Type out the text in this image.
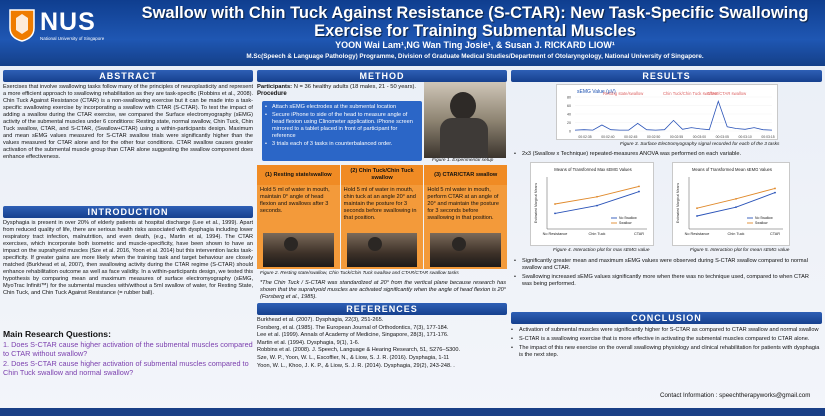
NUS
National University of Singapore
Swallow with Chin Tuck Against Resistance (S-CTAR): New Task-Specific Swallowing
Exercise for Training Submental Muscles
YOON Wai Lam¹,NG Wan Ting Josie¹, & Susan J. RICKARD LIOW¹
M.Sc(Speech & Language Pathology) Programme, Division of Graduate Medical Studies/Department of Otolaryngology, National University of Singapore.
ABSTRACT
Exercises that involve swallowing tasks follow many of the principles of neuroplasticity and represent a more efficient approach to swallowing rehabilitation as they are task-specific (Robbins et al., 2008). Chin Tuck Against Resistance (CTAR) is a non-swallowing exercise but it can be made into a task-specific swallowing exercise by incorporating a swallow with CTAR (S-CTAR). To test the impact of adding a swallow during the CTAR exercise, we compared the Surface electromyography (sEMG) activity of the submental muscles under 6 conditions: Resting state, normal swallow, Chin Tuck, Chin Tuck swallow, CTAR, and S-CTAR, (Swallow+CTAR) using a within-participants design. Maximum and mean sEMG values measured for S-CTAR swallow trials were significantly higher than the values measured for CTAR alone and for the other four conditions. CTAR swallow causes greater activation of the submental muscle group than CTAR alone suggesting the swallow component does enhance effectiveness.
INTRODUCTION
Dysphagia is present in over 20% of elderly patients at hospital discharge (Lee et al., 1999). Apart from reduced quality of life, there are serious health risks associated with dysphagia including lower respiratory tract infection, malnutrition, and even death, (e.g., Martin et al, 1994). The CTAR exercises, which incorporate both isometric and muscle-specificity, have been shown to have an impact on the suprahyoid muscles (Sze et al. 2016, Yoon et al. 2014) but this intervention lacks task-specificity. If greater gains are more likely when the training task and target behaviour are closely matched (Burkhead et al, 2007), then swallowing activity during the CTAR regime (S-CTAR) should enhance rehabilitation outcome as well as face validity. In a within-participants design, we tested this hypothesis by comparing mean and maximum measures of surface electromyography (sEMG, MyoTrac Infiniti™) for the submental muscles with/without a 5ml swallow of water, for Resting State, Chin Tuck, and Chin Tuck Against Resistance (= rubber ball).
Main Research Questions:
1. Does S-CTAR cause higher activation of the submental muscles compared to CTAR without swallow?
2. Does S-CTAR cause higher activation of submental muscles compared to Chin Tuck swallow and normal swallow?
METHOD
Participants: N = 36 healthy adults (18 males, 21 - 50 years).
Procedure
• Attach sEMG electrodes at the submental location
• Secure iPhone to side of the head to measure angle of head flexion using Clinometer application. iPhone screen mirrored to a tablet placed in front of participant for reference
• 3 trials each of 3 tasks in counterbalanced order.
Figure 1. Experimental setup
(1) Resting state/swallow
Hold 5 ml of water in mouth, maintain 0° angle of head flexion and swallows after 3 seconds.
(2) Chin Tuck/Chin Tuck swallow
Hold 5 ml of water in mouth, chin tuck at an angle 20° and maintain the posture for 3 seconds before swallowing in that position.
(3) CTAR/CTAR swallow
Hold 5 ml water in mouth, perform CTAR at an angle of 20° and maintain the posture for 3 seconds before swallowing in that position.
Figure 2. Resting state/swallow, Chin Tuck/Chin Tuck swallow and CTAR/CTAR swallow tasks
*The Chin Tuck / S-CTAR was standardized at 20° from the vertical plane because research has shown that the suprahyoid muscles are activated significantly when the angle of head flexion is 20° (Forsberg et al., 1985).
REFERENCES
Burkhead et al. (2007). Dysphagia, 22(3), 251-265.
Forsberg, et al. (1985). The European Journal of Orthodontics, 7(3), 177-184.
Lee et al. (1999). Annals of Academy of Medicine, Singapore, 28(3), 171-176.
Martin et al. (1994). Dysphagia, 9(1), 1-6.
Robbins et al. (2008). J. Speech, Language & Hearing Research, 51, S276–S300.
Sze, W. P., Yoon, W. L., Escoffier, N., & Liow, S. J. R. (2016). Dysphagia, 1-11
Yoon, W. L., Khoo, J. K. P., & Liow, S. J. R. (2014). Dysphagia, 29(2), 243-248. .
RESULTS
sEMG Value (µV)
Resting state/swallow	Chin Tuck/Chin Tuck swallow
CTAR/CTAR swallow
0
20
40
60
80
00:02:35	00:02:40	00:02:45	00:02:50	00:02:55	00:03:00	00:03:05	00:03:10	00:03:15
Figure 3. Surface Electromyography signal recorded for each of the 3 tasks
• 2x3 (Swallow x Technique) repeated-measures ANOVA was performed on each variable.
Means of Transformed Max sEMG Values
Estimated Marginal Means
No Resistance	Chin Tuck	CTAR
No Swallow
Swallow
Means of Transformed Mean sEMG Values
Estimated Marginal Means
No Resistance	Chin Tuck	CTAR
No Swallow
Swallow
Figure 4. Interaction plot for max sEMG value	Figure 5. Interaction plot for mean sEMG value
• Significantly greater mean and maximum sEMG values were observed during S-CTAR swallow compared to normal swallow and CTAR.
• Swallowing increased sEMG values significantly more when there was no technique used, compared to when CTAR was being performed.
CONCLUSION
• Activation of submental muscles were significantly higher for S-CTAR as compared to CTAR swallow and normal swallow
• S-CTAR is a swallowing exercise that is more effective in activating the submental muscles compared to CTAR alone.
• The impact of this new exercise on the overall swallowing physiology and clinical rehabilitation for patients with dysphagia is the next step.
Contact Information : speechtherapyworks@gmail.com
